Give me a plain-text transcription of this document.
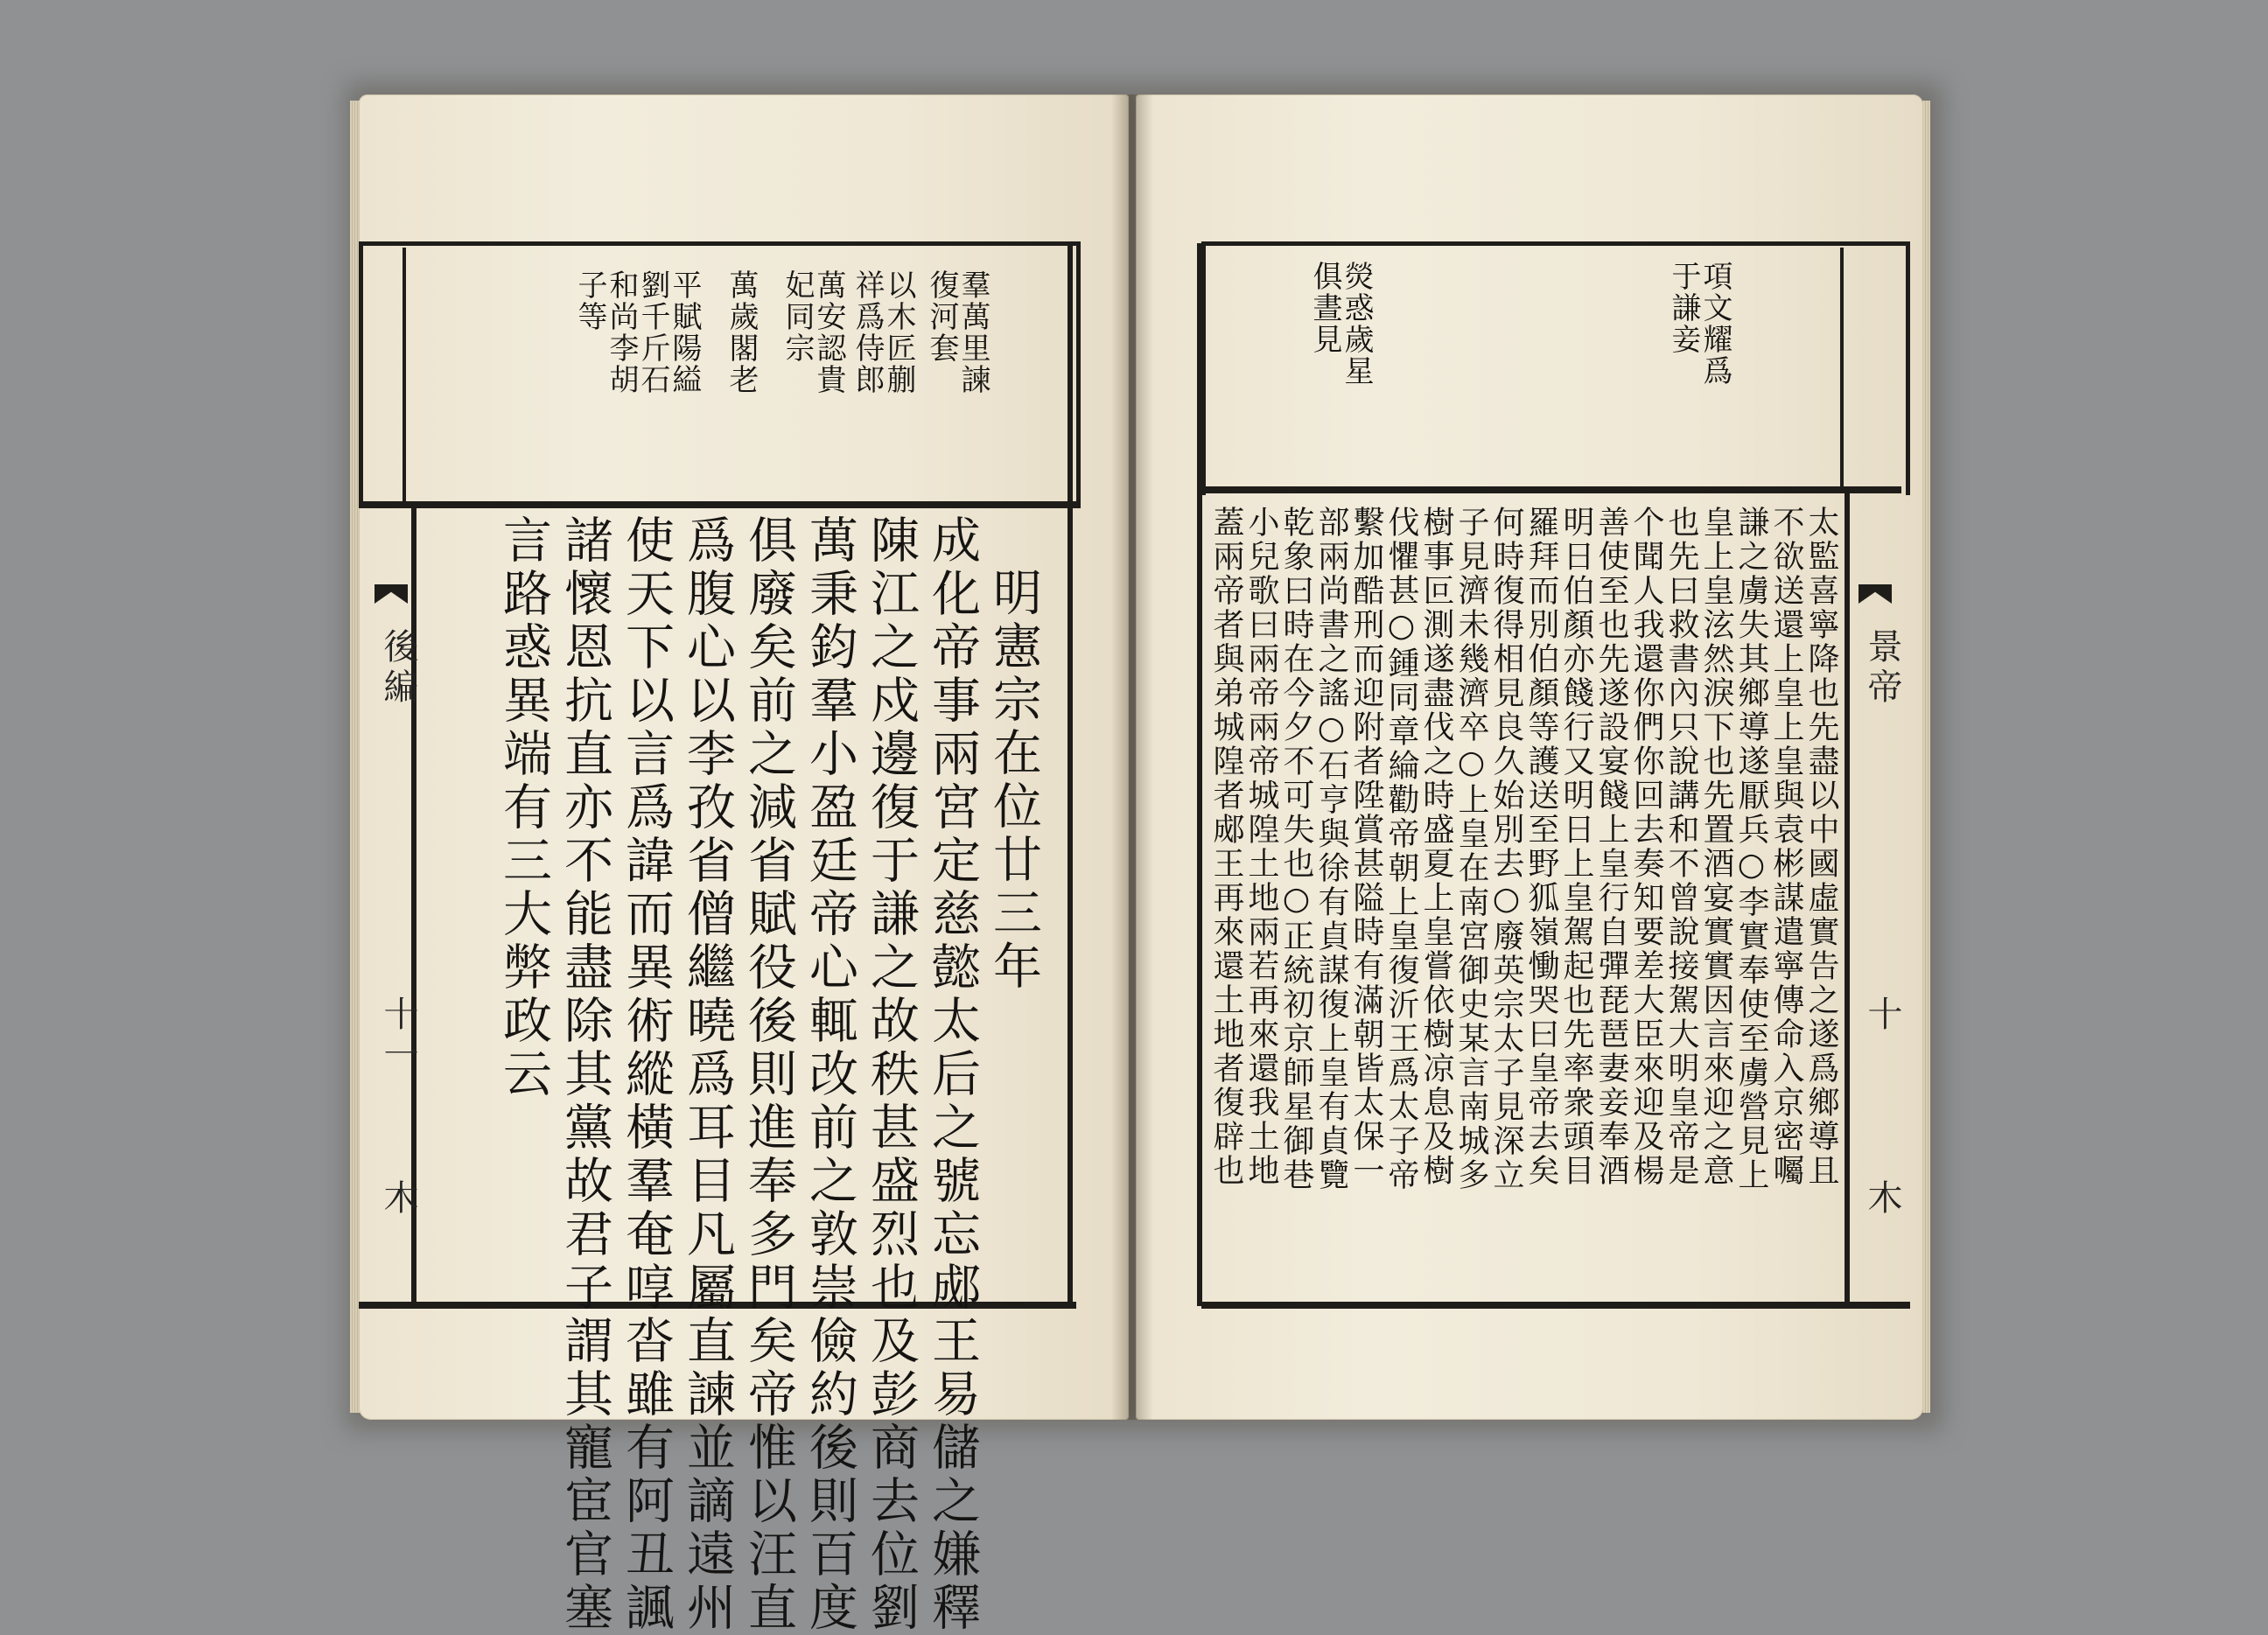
羣萬里諫復河套
以木匠蒯祥爲侍郎
萬安認貴妃同宗
萬歲閣老
平賦陽縊劉千斤石和尚李胡子等
後編
十一
木
明憲宗在位廿三年
成化帝事兩宮定慈懿太后之號忘郕王易儲之嫌釋
陳江之戍邊復于謙之故秩甚盛烈也及彭商去位劉
萬秉鈞羣小盈廷帝心輒改前之敦崇儉約後則百度
俱廢矣前之減省賦役後則進奉多門矣帝惟以汪直
爲腹心以李孜省僧繼曉爲耳目凡屬直諫並謫遠州
使天下以言爲諱而異術縱橫羣奄啍沓雖有阿丑諷
諸懷恩抗直亦不能盡除其黨故君子謂其寵宦官塞
言路惑異端有三大弊政云
項文耀爲于謙妾
熒惑歲星俱晝見
景帝
十
木
太監喜寧降也先盡以中國虛實告之遂爲鄉導且
不欲送還上皇上皇與袁彬謀遣寧傳命入京密囑
謙之虜失其鄉導遂厭兵○李實奉使至虜營見上
皇上皇泫然淚下也先置酒宴實實因言來迎之意
也先曰救書內只說講和不曾說接駕大明皇帝是
个聞人我還你們你回去奏知要差大臣來迎及楊
善使至也先遂設宴餞上皇行自彈琵琶妻妾奉酒
明日伯顏亦餞行又明日上皇駕起也先率衆頭目
羅拜而別伯顏等護送至野狐嶺慟哭曰皇帝去矣
何時復得相見良久始別去○廢英宗太子見深立
子見濟未幾濟卒○上皇在南宮御史某言南城多
樹事叵測遂盡伐之時盛夏上皇嘗依樹凉息及樹
伐懼甚○鍾同章綸勸帝朝上皇復沂王爲太子帝
繫加酷刑而迎附者陞賞甚隘時有滿朝皆太保一
部兩尚書之謠○石亨與徐有貞謀復上皇有貞覽
乾象曰時在今夕不可失也○正統初京師星御巷
小兒歌曰兩帝兩帝城隍土地兩若再來還我土地
蓋兩帝者與弟城隍者郕王再來還土地者復辟也
